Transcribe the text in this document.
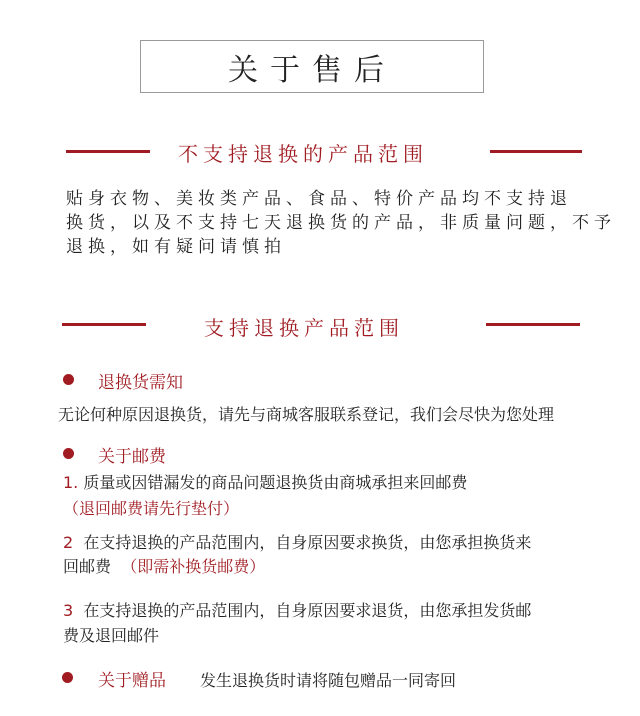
关于售后
不支持退换的产品范围
贴身衣物、美妆类产品、食品、特价产品均不支持退
换货，以及不支持七天退换货的产品，非质量问题，不予
退换，如有疑问请慎拍
支持退换产品范围
退换货需知
无论何种原因退换货，请先与商城客服联系登记，我们会尽快为您处理
关于邮费
1. 质量或因错漏发的商品问题退换货由商城承担来回邮费
（退回邮费请先行垫付）
2 在支持退换的产品范围内，自身原因要求换货，由您承担换货来
回邮费 （即需补换货邮费）
3 在支持退换的产品范围内，自身原因要求退货，由您承担发货邮
费及退回邮件
关于赠品 发生退换货时请将随包赠品一同寄回
